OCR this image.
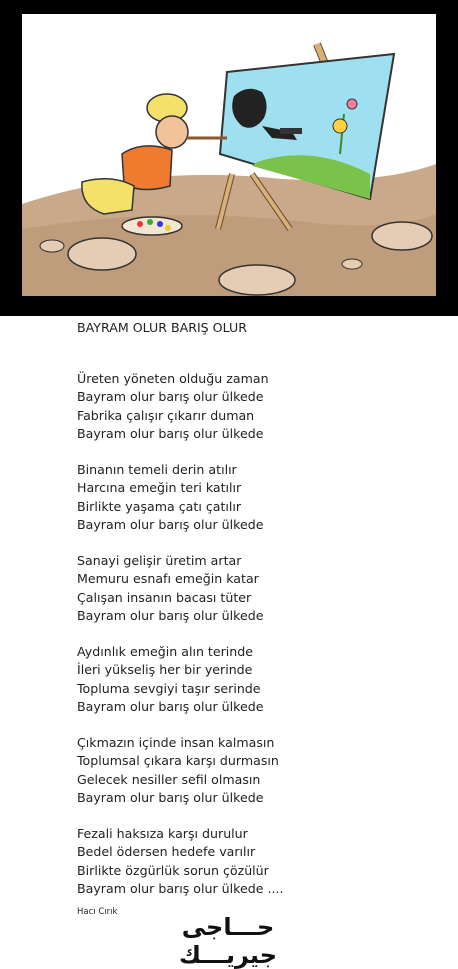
BAYRAM OLUR BARIŞ OLUR
Üreten yöneten olduğu zaman
Bayram olur barış olur ülkede
Fabrika çalışır çıkarır duman
Bayram olur barış olur ülkede
Binanın temeli derin atılır
Harcına emeğin teri katılır
Birlikte yaşama çatı çatılır
Bayram olur barış olur ülkede
Sanayi gelişir üretim artar
Memuru esnafı emeğin katar
Çalışan insanın bacası tüter
Bayram olur barış olur ülkede
Aydınlık emeğin alın terinde
İleri yükseliş her bir yerinde
Topluma sevgiyi taşır serinde
Bayram olur barış olur ülkede
Çıkmazın içinde insan kalmasın
Toplumsal çıkara karşı durmasın
Gelecek nesiller sefil olmasın
Bayram olur barış olur ülkede
Fezali haksıza karşı durulur
Bedel ödersen hedefe varılır
Birlikte özgürlük sorun çözülür
Bayram olur barış olur ülkede ....
Hacı Cırık
حـــاجى جيريـــك
